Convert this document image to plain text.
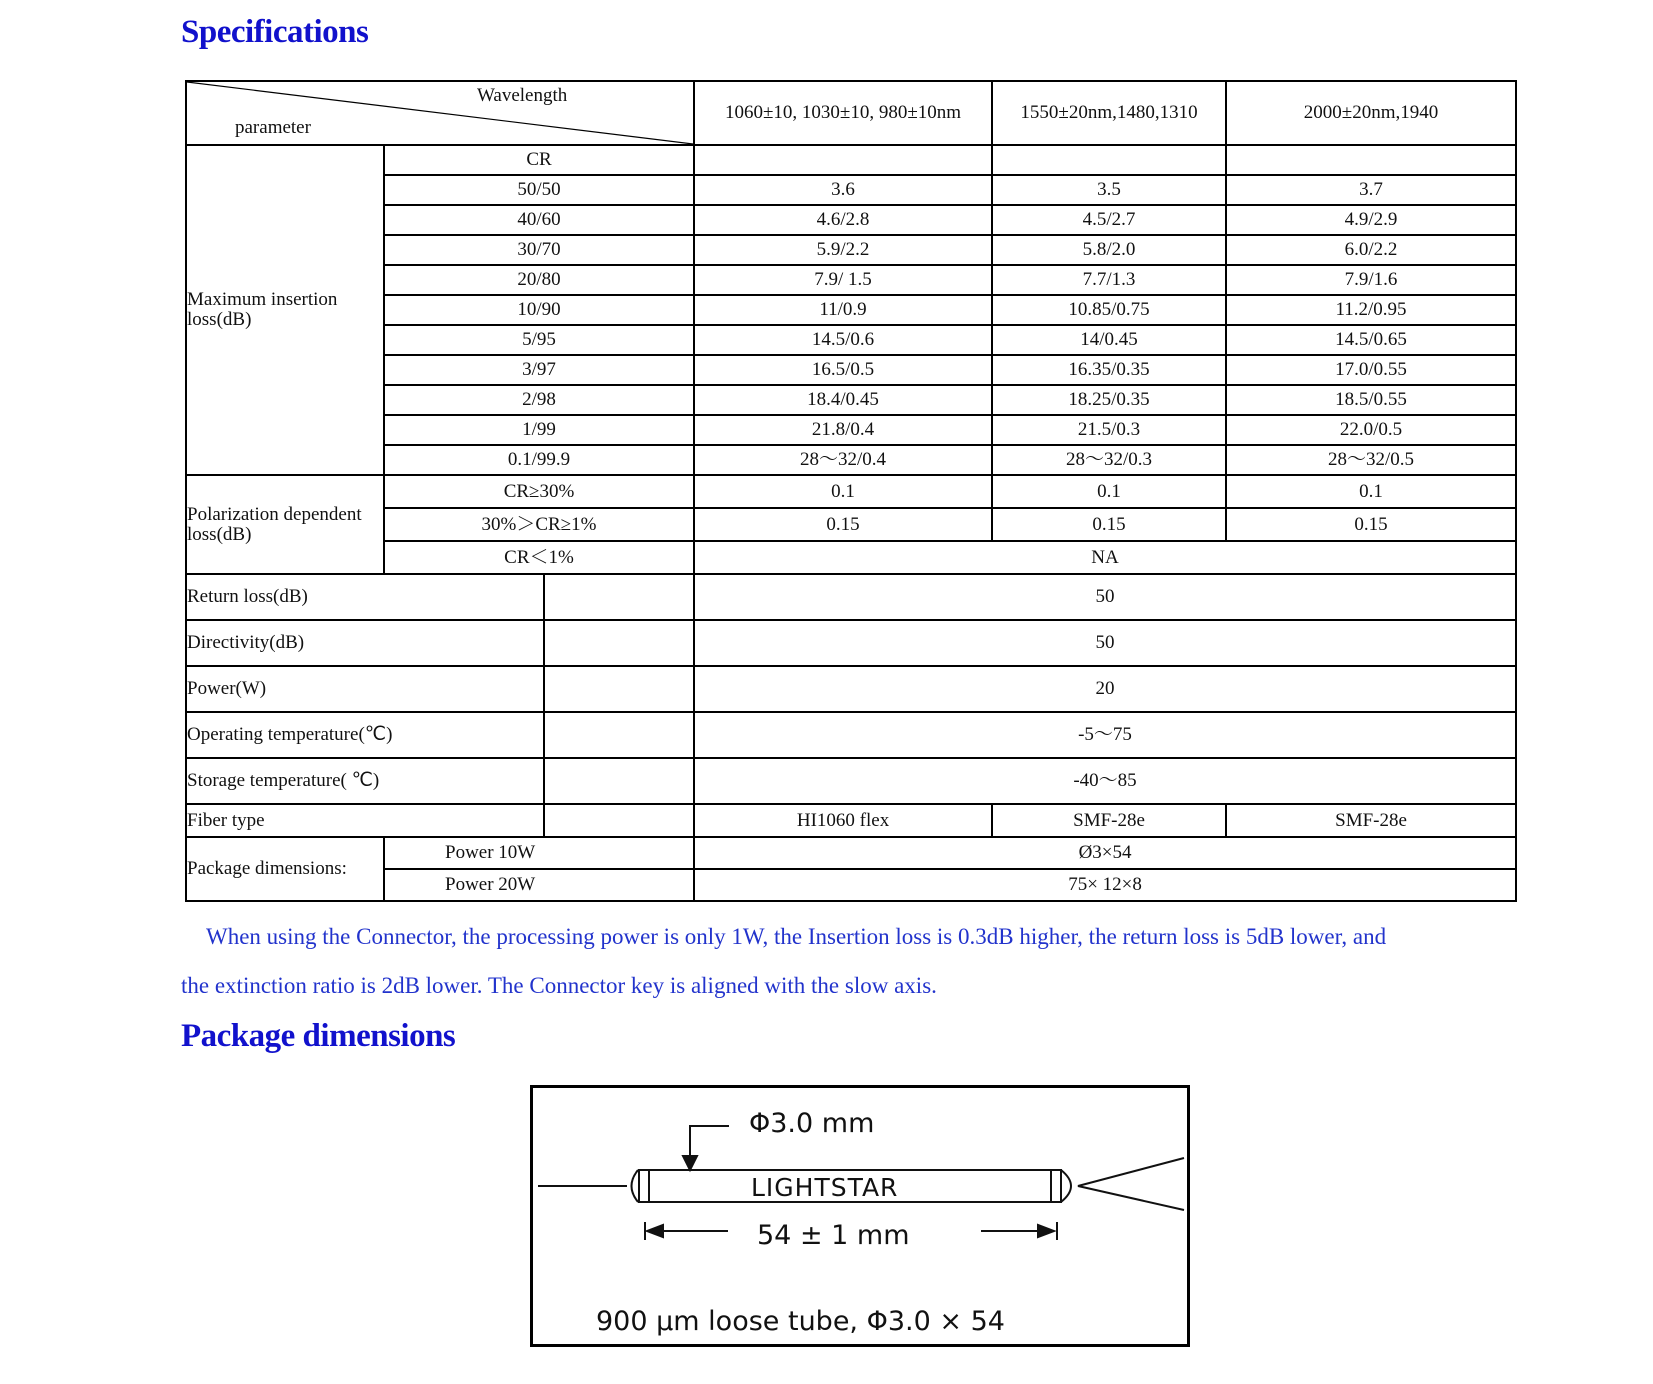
Specifications
Wavelength
parameter			1060±10, 1030±10, 980±10nm	1550±20nm,1480,1310	2000±20nm,1940
Maximum insertion loss(dB)	CR				
	50/50		3.6	3.5	3.7
	40/60		4.6/2.8	4.5/2.7	4.9/2.9
	30/70		5.9/2.2	5.8/2.0	6.0/2.2
	20/80		7.9/ 1.5	7.7/1.3	7.9/1.6
	10/90		11/0.9	10.85/0.75	11.2/0.95
	5/95		14.5/0.6	14/0.45	14.5/0.65
	3/97		16.5/0.5	16.35/0.35	17.0/0.55
	2/98		18.4/0.45	18.25/0.35	18.5/0.55
	1/99		21.8/0.4	21.5/0.3	22.0/0.5
	0.1/99.9		28～32/0.4	28～32/0.3	28～32/0.5
Polarization dependent loss(dB)	CR≥30%		0.1	0.1	0.1
	30%＞CR≥1%		0.15	0.15	0.15
	CR＜1%		NA		
Return loss(dB)			50		
Directivity(dB)			50		
Power(W)			20		
Operating temperature(℃)			-5～75		
Storage temperature( ℃)			-40～85		
Fiber type			HI1060 flex	SMF-28e	SMF-28e
Package dimensions:	Power 10W		Ø3×54		
	Power 20W		75× 12×8		
When using the Connector, the processing power is only 1W, the Insertion loss is 0.3dB higher, the return loss is 5dB lower, and
the extinction ratio is 2dB lower. The Connector key is aligned with the slow axis.
Package dimensions
Φ3.0 mm
LIGHTSTAR
54 ± 1 mm
900 μm loose tube, Φ3.0 × 54
